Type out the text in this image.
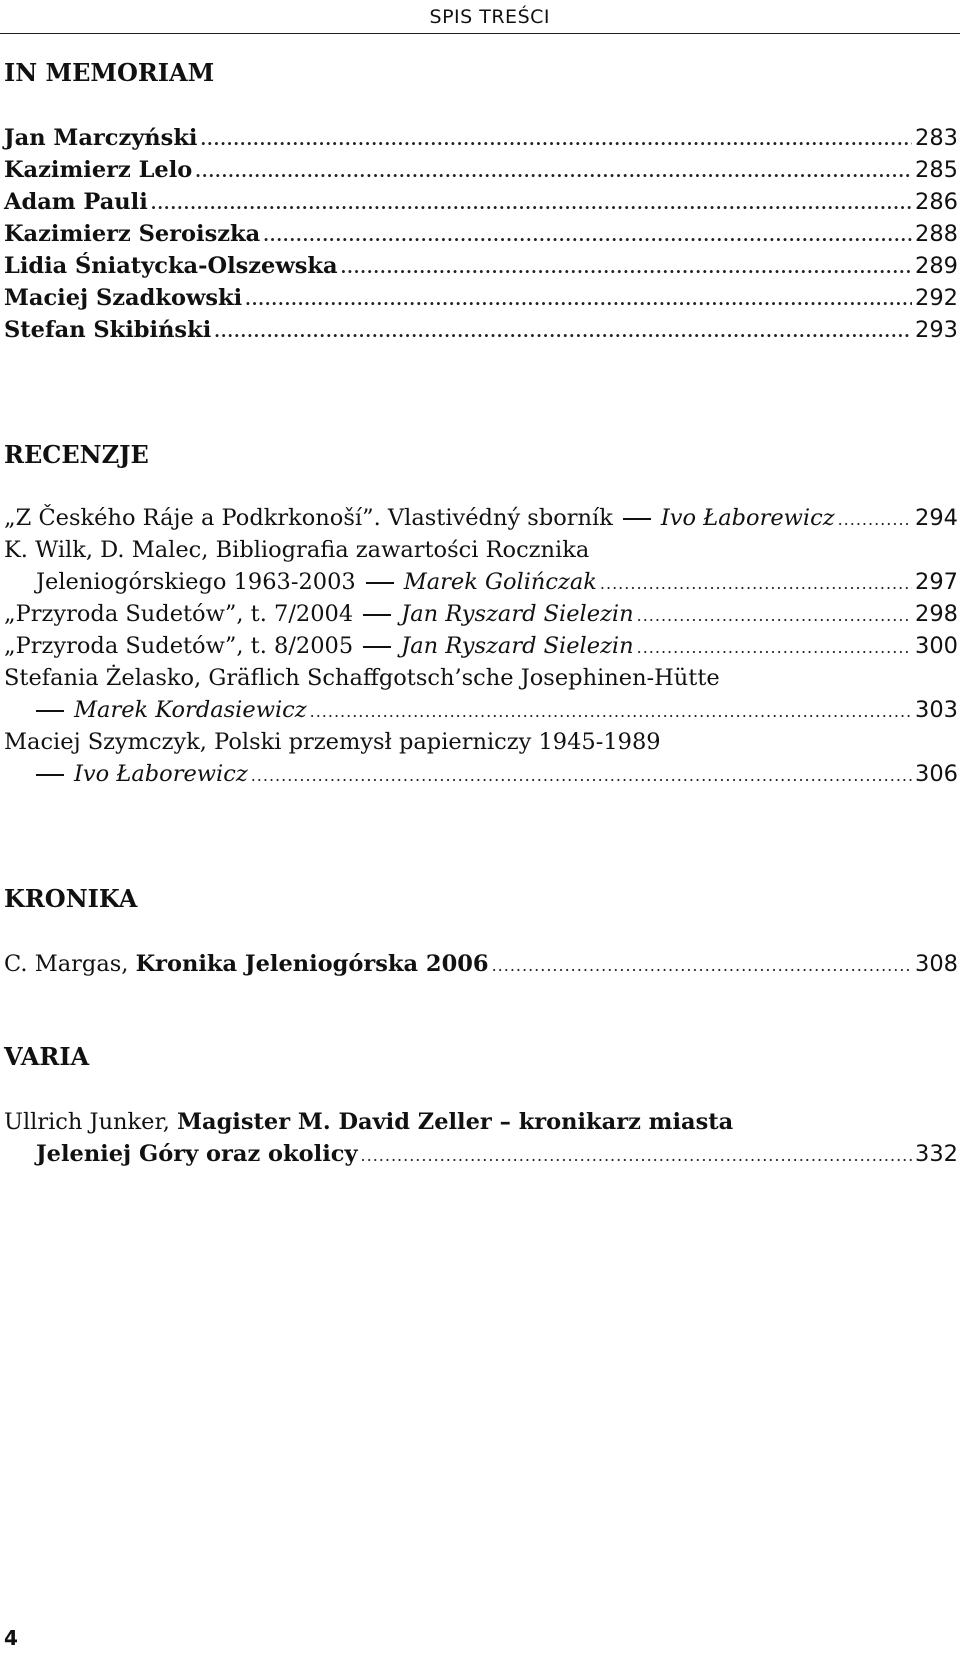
SPIS TREŚCI
IN MEMORIAM
Jan Marczyński .....	283
Kazimierz Lelo .....	285
Adam Pauli .....	286
Kazimierz Seroiszka .....	288
Lidia Śniatycka-Olszewska .....	289
Maciej Szadkowski .....	292
Stefan Skibiński .....	293
RECENZJE
„Z Českého Ráje a Podkrkonoší”. Vlastivédný sborník Ivo Łaborewicz .....	294
K. Wilk, D. Malec, Bibliografia zawartości Rocznika
Jeleniogórskiego 1963-2003 Marek Golińczak .....	297
„Przyroda Sudetów”, t. 7/2004 Jan Ryszard Sielezin .....	298
„Przyroda Sudetów”, t. 8/2005 Jan Ryszard Sielezin .....	300
Stefania Żelasko, Gräflich Schaffgotsch’sche Josephinen-Hütte
Marek Kordasiewicz .....	303
Maciej Szymczyk, Polski przemysł papierniczy 1945-1989
Ivo Łaborewicz .....	306
KRONIKA
C. Margas, Kronika Jeleniogórska 2006 .....	308
VARIA
Ullrich Junker, Magister M. David Zeller – kronikarz miasta
Jeleniej Góry oraz okolicy .....	332
4
